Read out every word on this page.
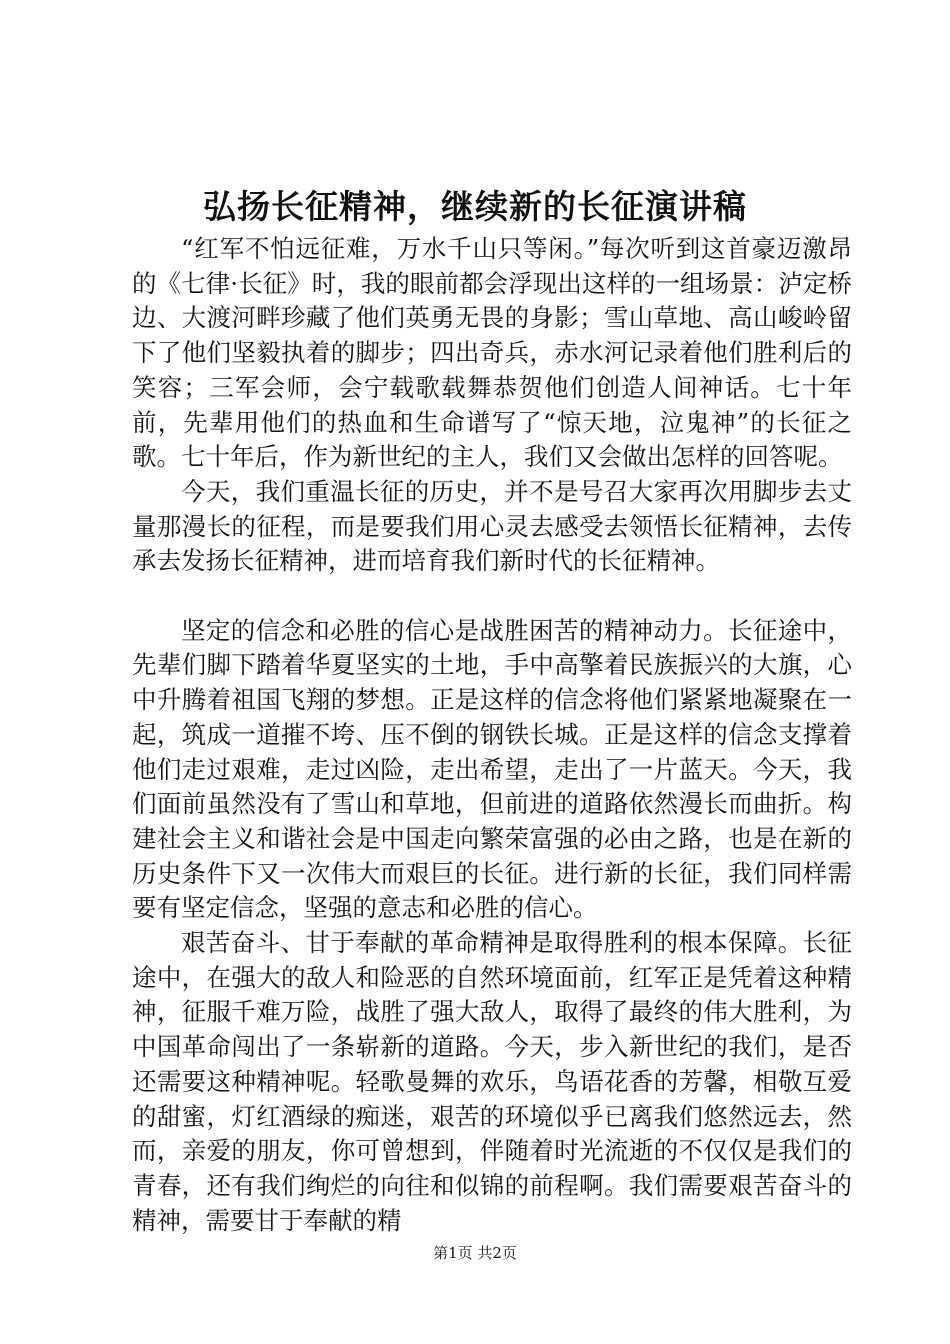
弘扬长征精神，继续新的长征演讲稿

“红军不怕远征难，万水千山只等闲。”每次听到这首豪迈激昂的《七律·长征》时，我的眼前都会浮现出这样的一组场景：泸定桥边、大渡河畔珍藏了他们英勇无畏的身影；雪山草地、高山峻岭留下了他们坚毅执着的脚步；四出奇兵，赤水河记录着他们胜利后的笑容；三军会师，会宁载歌载舞恭贺他们创造人间神话。七十年前，先辈用他们的热血和生命谱写了“惊天地，泣鬼神”的长征之歌。七十年后，作为新世纪的主人，我们又会做出怎样的回答呢。

今天，我们重温长征的历史，并不是号召大家再次用脚步去丈量那漫长的征程，而是要我们用心灵去感受去领悟长征精神，去传承去发扬长征精神，进而培育我们新时代的长征精神。

坚定的信念和必胜的信心是战胜困苦的精神动力。长征途中，先辈们脚下踏着华夏坚实的土地，手中高擎着民族振兴的大旗，心中升腾着祖国飞翔的梦想。正是这样的信念将他们紧紧地凝聚在一起，筑成一道摧不垮、压不倒的钢铁长城。正是这样的信念支撑着他们走过艰难，走过凶险，走出希望，走出了一片蓝天。今天，我们面前虽然没有了雪山和草地，但前进的道路依然漫长而曲折。构建社会主义和谐社会是中国走向繁荣富强的必由之路，也是在新的历史条件下又一次伟大而艰巨的长征。进行新的长征，我们同样需要有坚定信念，坚强的意志和必胜的信心。

艰苦奋斗、甘于奉献的革命精神是取得胜利的根本保障。长征途中，在强大的敌人和险恶的自然环境面前，红军正是凭着这种精神，征服千难万险，战胜了强大敌人，取得了最终的伟大胜利，为中国革命闯出了一条崭新的道路。今天，步入新世纪的我们，是否还需要这种精神呢。轻歌曼舞的欢乐，鸟语花香的芳馨，相敬互爱的甜蜜，灯红酒绿的痴迷，艰苦的环境似乎已离我们悠然远去，然而，亲爱的朋友，你可曾想到，伴随着时光流逝的不仅仅是我们的青春，还有我们绚烂的向往和似锦的前程啊。我们需要艰苦奋斗的精神，需要甘于奉献的精

第1页 共2页
